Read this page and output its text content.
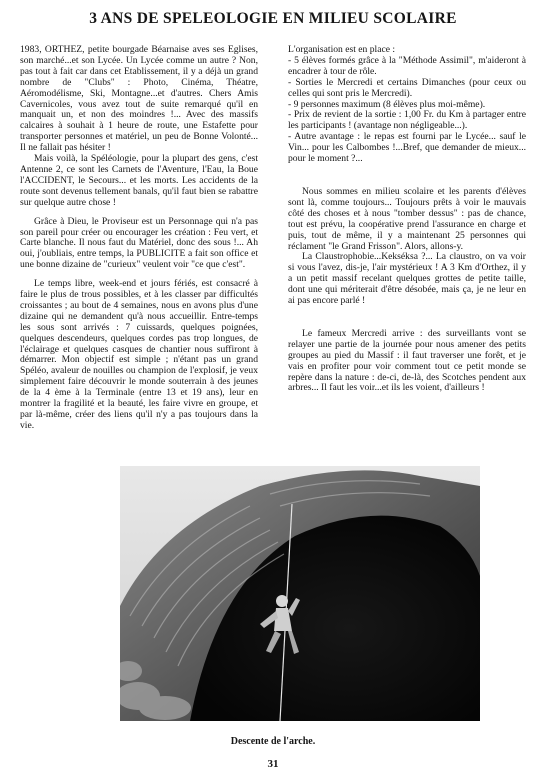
3 ANS DE SPELEOLOGIE EN MILIEU SCOLAIRE

1983, ORTHEZ, petite bourgade Béarnaise aves ses Eglises, son marché...et son Lycée. Un Lycée comme un autre ? Non, pas tout à fait car dans cet Etablissement, il y a déjà un grand nombre de "Clubs" : Photo, Cinéma, Théatre, Aéromodélisme, Ski, Montagne...et d'autres. Chers Amis Cavernicoles, vous avez tout de suite remarqué qu'il en manquait un, et non des moindres !... Avec des massifs calcaires à souhait à 1 heure de route, une Estafette pour transporter personnes et matériel, un peu de Bonne Volonté... Il ne fallait pas hésiter !

Mais voilà, la Spéléologie, pour la plupart des gens, c'est Antenne 2, ce sont les Carnets de l'Aventure, l'Eau, la Boue l'ACCIDENT, le Secours... et les morts. Les accidents de la route sont devenus tellement banals, qu'il faut bien se rabattre sur quelque autre chose !

Grâce à Dieu, le Proviseur est un Personnage qui n'a pas son pareil pour créer ou encourager les création : Feu vert, et Carte blanche. Il nous faut du Matériel, donc des sous !... Ah oui, j'oubliais, entre temps, la PUBLICITE a fait son office et une bonne dizaine de "curieux" veulent voir "ce que c'est".

Le temps libre, week-end et jours fériés, est consacré à faire le plus de trous possibles, et à les classer par difficultés croissantes ; au bout de 4 semaines, nous en avons plus d'une dizaine qui ne demandent qu'à nous accueillir. Entre-temps les sous sont arrivés : 7 cuissards, quelques poignées, quelques descendeurs, quelques cordes pas trop longues, de l'éclairage et quelques casques de chantier nous suffiront à démarrer. Mon objectif est simple ; n'étant pas un grand Spéléo, avaleur de nouilles ou champion de l'explosif, je veux simplement faire découvrir le monde souterrain à des jeunes de la 4 ème à la Terminale (entre 13 et 19 ans), leur en montrer la fragilité et la beauté, les faire vivre en groupe, et par là-même, créer des liens qu'il n'y a pas toujours dans la vie.

L'organisation est en place :

- 5 élèves formés grâce à la "Méthode Assimil", m'aideront à encadrer à tour de rôle.

- Sorties le Mercredi et certains Dimanches (pour ceux ou celles qui sont pris le Mercredi).

- 9 personnes maximum (8 élèves plus moi-même).

- Prix de revient de la sortie : 1,00 Fr. du Km à partager entre les participants ! (avantage non négligeable...).

- Autre avantage : le repas est fourni par le Lycée... sauf le Vin... pour les Calbombes !...Bref, que demander de mieux... pour le moment ?...

Nous sommes en milieu scolaire et les parents d'élèves sont là, comme toujours... Toujours prêts à voir le mauvais côté des choses et à nous "tomber dessus" : pas de chance, tout est prévu, la coopérative prend l'assurance en charge et puis, tout de même, il y a maintenant 25 personnes qui réclament "le Grand Frisson". Alors, allons-y.

La Claustrophobie...Kekséksa ?... La claustro, on va voir si vous l'avez, dis-je, l'air mystérieux ! A 3 Km d'Orthez, il y a un petit massif recelant quelques grottes de petite taille, dont une qui mériterait d'être désobée, mais ça, je ne leur en ai pas encore parlé !

Le fameux Mercredi arrive : des surveillants vont se relayer une partie de la journée pour nous amener des petits groupes au pied du Massif : il faut traverser une forêt, et je vais en profiter pour voir comment tout ce petit monde se repère dans la nature : de-ci, de-là, des Scotches pendent aux arbres... Il faut les voir...et ils les voient, d'ailleurs !

Descente de l'arche.

31
